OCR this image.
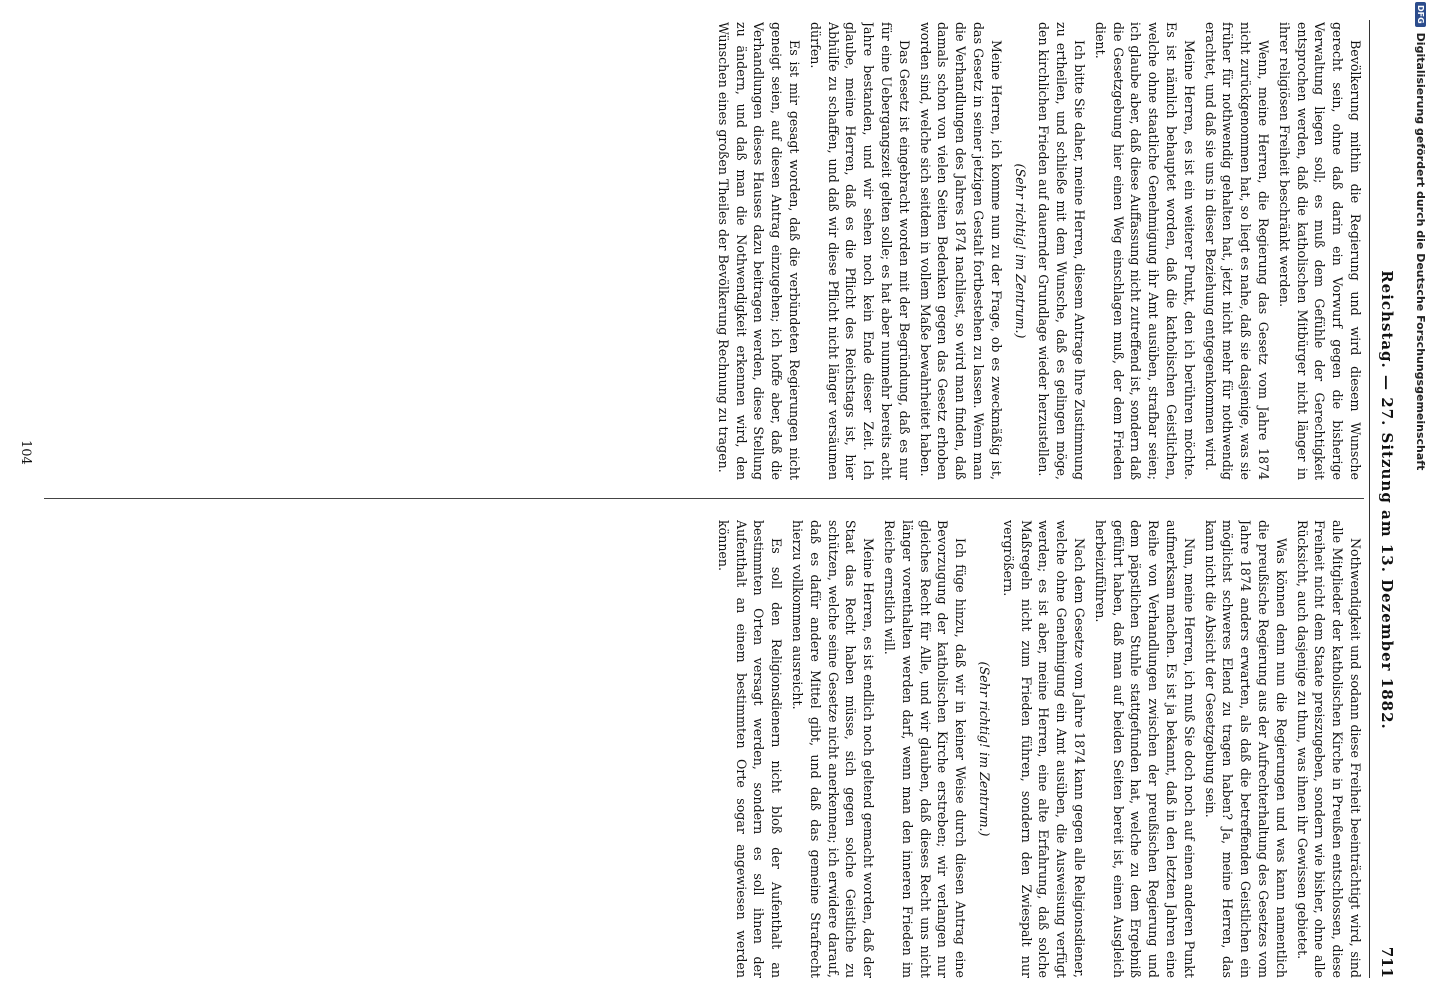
DFG
Digitalisierung gefördert durch die Deutsche Forschungsgemeinschaft
Reichstag. — 27. Sitzung am 13. Dezember 1882.
711

Bevölkerung mithin die Regierung und wird diesem Wunsche gerecht sein, ohne daß darin ein Vorwurf gegen die bisherige Verwaltung liegen soll; es muß dem Gefühle der Gerechtigkeit entsprochen werden, daß die katholischen Mitbürger nicht länger in ihrer religiösen Freiheit beschränkt werden.

Wenn, meine Herren, die Regierung das Gesetz vom Jahre 1874 nicht zurückgenommen hat, so liegt es nahe, daß sie dasjenige, was sie früher für nothwendig gehalten hat, jetzt nicht mehr für nothwendig erachtet, und daß sie uns in dieser Beziehung entgegenkommen wird.

Meine Herren, es ist ein weiterer Punkt, den ich berühren möchte. Es ist nämlich behauptet worden, daß die katholischen Geistlichen, welche ohne staatliche Genehmigung ihr Amt ausüben, strafbar seien; ich glaube aber, daß diese Auffassung nicht zutreffend ist, sondern daß die Gesetzgebung hier einen Weg einschlagen muß, der dem Frieden dient.

Ich bitte Sie daher, meine Herren, diesem Antrage Ihre Zustimmung zu ertheilen, und schließe mit dem Wunsche, daß es gelingen möge, den kirchlichen Frieden auf dauernder Grundlage wieder herzustellen.

(Sehr richtig! im Zentrum.)

Meine Herren, ich komme nun zu der Frage, ob es zweckmäßig ist, das Gesetz in seiner jetzigen Gestalt fortbestehen zu lassen. Wenn man die Verhandlungen des Jahres 1874 nachliest, so wird man finden, daß damals schon von vielen Seiten Bedenken gegen das Gesetz erhoben worden sind, welche sich seitdem in vollem Maße bewahrheitet haben.

Das Gesetz ist eingebracht worden mit der Begründung, daß es nur für eine Uebergangszeit gelten solle; es hat aber nunmehr bereits acht Jahre bestanden, und wir sehen noch kein Ende dieser Zeit. Ich glaube, meine Herren, daß es die Pflicht des Reichstags ist, hier Abhülfe zu schaffen, und daß wir diese Pflicht nicht länger versäumen dürfen.

Es ist mir gesagt worden, daß die verbündeten Regierungen nicht geneigt seien, auf diesen Antrag einzugehen; ich hoffe aber, daß die Verhandlungen dieses Hauses dazu beitragen werden, diese Stellung zu ändern, und daß man die Nothwendigkeit erkennen wird, den Wünschen eines großen Theiles der Bevölkerung Rechnung zu tragen.

Nothwendigkeit und sodann diese Freiheit beeinträchtigt wird, sind alle Mitglieder der katholischen Kirche in Preußen entschlossen, diese Freiheit nicht dem Staate preiszugeben, sondern wie bisher, ohne alle Rücksicht, auch dasjenige zu thun, was ihnen ihr Gewissen gebietet.

Was können denn nun die Regierungen und was kann namentlich die preußische Regierung aus der Aufrechterhaltung des Gesetzes vom Jahre 1874 anders erwarten, als daß die betreffenden Geistlichen ein möglichst schweres Elend zu tragen haben? Ja, meine Herren, das kann nicht die Absicht der Gesetzgebung sein.

Nun, meine Herren, ich muß Sie doch noch auf einen anderen Punkt aufmerksam machen. Es ist ja bekannt, daß in den letzten Jahren eine Reihe von Verhandlungen zwischen der preußischen Regierung und dem päpstlichen Stuhle stattgefunden hat, welche zu dem Ergebniß geführt haben, daß man auf beiden Seiten bereit ist, einen Ausgleich herbeizuführen.

Nach dem Gesetze vom Jahre 1874 kann gegen alle Religionsdiener, welche ohne Genehmigung ein Amt ausüben, die Ausweisung verfügt werden; es ist aber, meine Herren, eine alte Erfahrung, daß solche Maßregeln nicht zum Frieden führen, sondern den Zwiespalt nur vergrößern.

(Sehr richtig! im Zentrum.)

Ich füge hinzu, daß wir in keiner Weise durch diesen Antrag eine Bevorzugung der katholischen Kirche erstreben; wir verlangen nur gleiches Recht für Alle, und wir glauben, daß dieses Recht uns nicht länger vorenthalten werden darf, wenn man den inneren Frieden im Reiche ernstlich will.

Meine Herren, es ist endlich noch geltend gemacht worden, daß der Staat das Recht haben müsse, sich gegen solche Geistliche zu schützen, welche seine Gesetze nicht anerkennen; ich erwidere darauf, daß es dafür andere Mittel gibt, und daß das gemeine Strafrecht hierzu vollkommen ausreicht.

Es soll den Religionsdienern nicht bloß der Aufenthalt an bestimmten Orten versagt werden, sondern es soll ihnen der Aufenthalt an einem bestimmten Orte sogar angewiesen werden können.

104
